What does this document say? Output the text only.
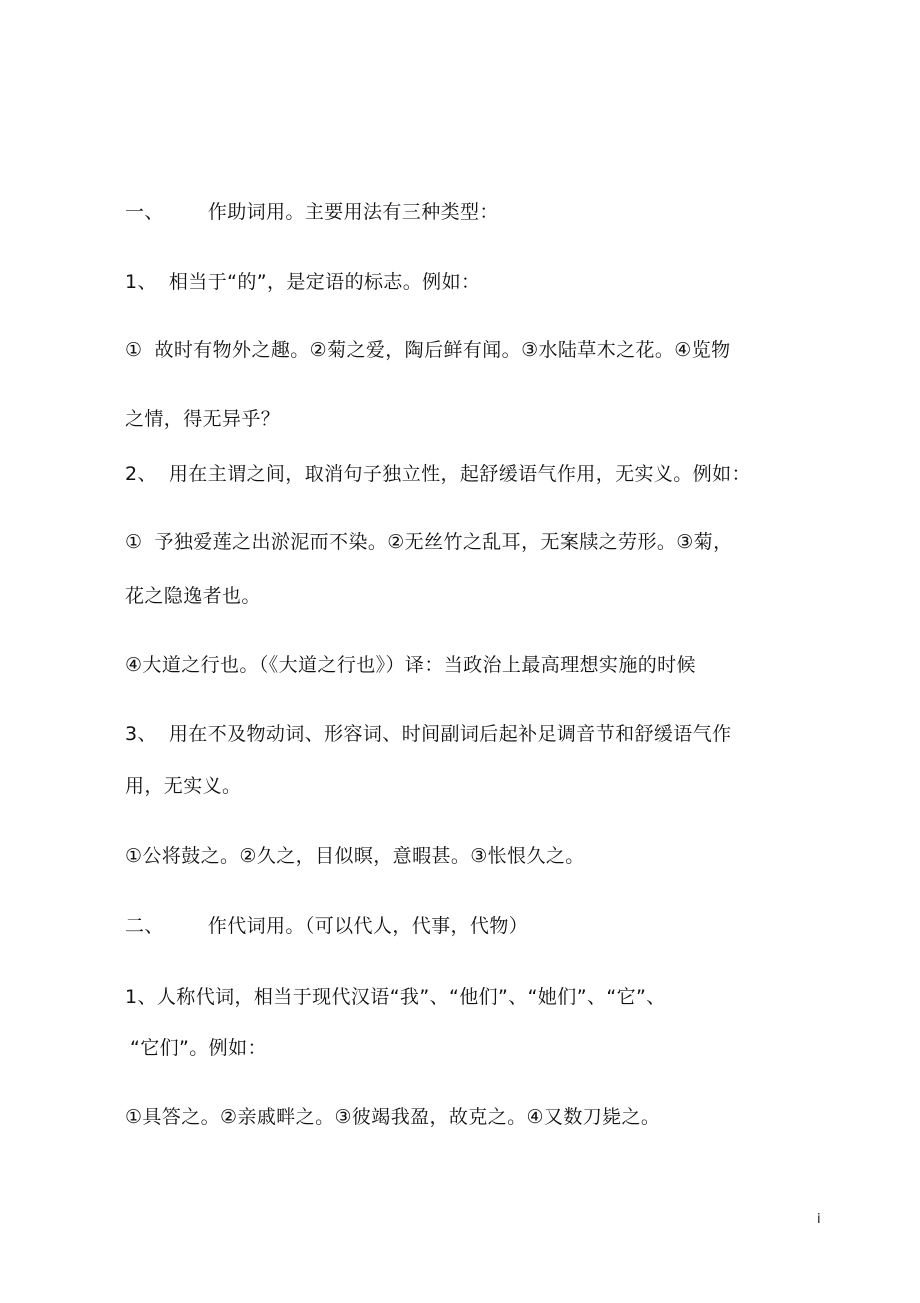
一、 作助词用。主要用法有三种类型：
1、 相当于“的”，是定语的标志。例如：
① 故时有物外之趣。②菊之爱，陶后鲜有闻。③水陆草木之花。④览物
之情，得无异乎？
2、 用在主谓之间，取消句子独立性，起舒缓语气作用，无实义。例如：
① 予独爱莲之出淤泥而不染。②无丝竹之乱耳，无案牍之劳形。③菊，
花之隐逸者也。
④大道之行也。（《大道之行也》）译：当政治上最高理想实施的时候
3、 用在不及物动词、形容词、时间副词后起补足调音节和舒缓语气作
用，无实义。
①公将鼓之。②久之，目似暝，意暇甚。③怅恨久之。
二、 作代词用。（可以代人，代事，代物）
1、人称代词，相当于现代汉语“我”、“他们”、“她们”、“它”、
“它们”。例如：
①具答之。②亲戚畔之。③彼竭我盈，故克之。④又数刀毙之。
i
